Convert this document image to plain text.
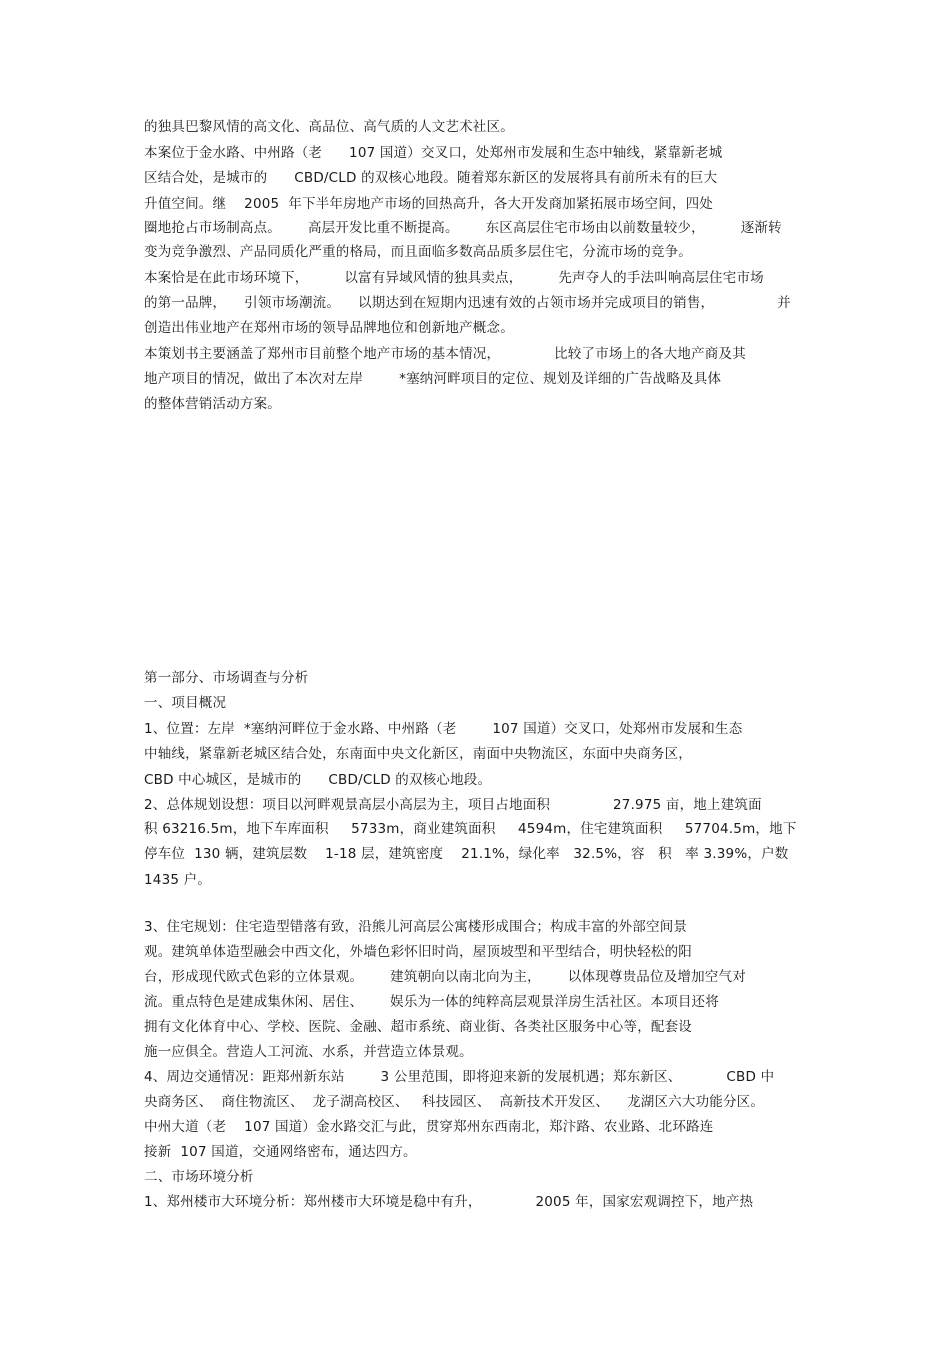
的独具巴黎风情的高文化、高品位、高气质的人文艺术社区。
本案位于金水路、中州路（老      107 国道）交叉口，处郑州市发展和生态中轴线，紧靠新老城
区结合处，是城市的      CBD/CLD 的双核心地段。随着郑东新区的发展将具有前所未有的巨大
升值空间。继    2005  年下半年房地产市场的回热高升，各大开发商加紧拓展市场空间，四处
圈地抢占市场制高点。      高层开发比重不断提高。      东区高层住宅市场由以前数量较少，        逐渐转
变为竞争激烈、产品同质化严重的格局，而且面临多数高品质多层住宅，分流市场的竞争。
本案恰是在此市场环境下，        以富有异域风情的独具卖点，        先声夺人的手法叫响高层住宅市场
的第一品牌，    引领市场潮流。    以期达到在短期内迅速有效的占领市场并完成项目的销售，              并
创造出伟业地产在郑州市场的领导品牌地位和创新地产概念。
本策划书主要涵盖了郑州市目前整个地产市场的基本情况，            比较了市场上的各大地产商及其
地产项目的情况，做出了本次对左岸        *塞纳河畔项目的定位、规划及详细的广告战略及具体
的整体营销活动方案。
第一部分、市场调查与分析
一、项目概况
1、位置：左岸  *塞纳河畔位于金水路、中州路（老        107 国道）交叉口，处郑州市发展和生态
中轴线，紧靠新老城区结合处，东南面中央文化新区，南面中央物流区，东面中央商务区，
CBD 中心城区，是城市的      CBD/CLD 的双核心地段。
2、总体规划设想：项目以河畔观景高层小高层为主，项目占地面积              27.975 亩，地上建筑面
积 63216.5m，地下车库面积     5733m，商业建筑面积     4594m，住宅建筑面积     57704.5m，地下
停车位  130 辆，建筑层数    1-18 层，建筑密度    21.1%，绿化率   32.5%，容   积   率 3.39%，户数
1435 户。
3、住宅规划：住宅造型错落有致，沿熊儿河高层公寓楼形成围合；构成丰富的外部空间景
观。建筑单体造型融会中西文化，外墙色彩怀旧时尚，屋顶坡型和平型结合，明快轻松的阳
台，形成现代欧式色彩的立体景观。      建筑朝向以南北向为主，      以体现尊贵品位及增加空气对
流。重点特色是建成集休闲、居住、      娱乐为一体的纯粹高层观景洋房生活社区。本项目还将
拥有文化体育中心、学校、医院、金融、超市系统、商业街、各类社区服务中心等，配套设
施一应俱全。营造人工河流、水系，并营造立体景观。
4、周边交通情况：距郑州新东站        3 公里范围，即将迎来新的发展机遇；郑东新区、          CBD 中
央商务区、  商住物流区、  龙子湖高校区、   科技园区、  高新技术开发区、    龙湖区六大功能分区。
中州大道（老    107 国道）金水路交汇与此，贯穿郑州东西南北，郑汴路、农业路、北环路连
接新  107 国道，交通网络密布，通达四方。
二、市场环境分析
1、郑州楼市大环境分析：郑州楼市大环境是稳中有升，            2005 年，国家宏观调控下，地产热
